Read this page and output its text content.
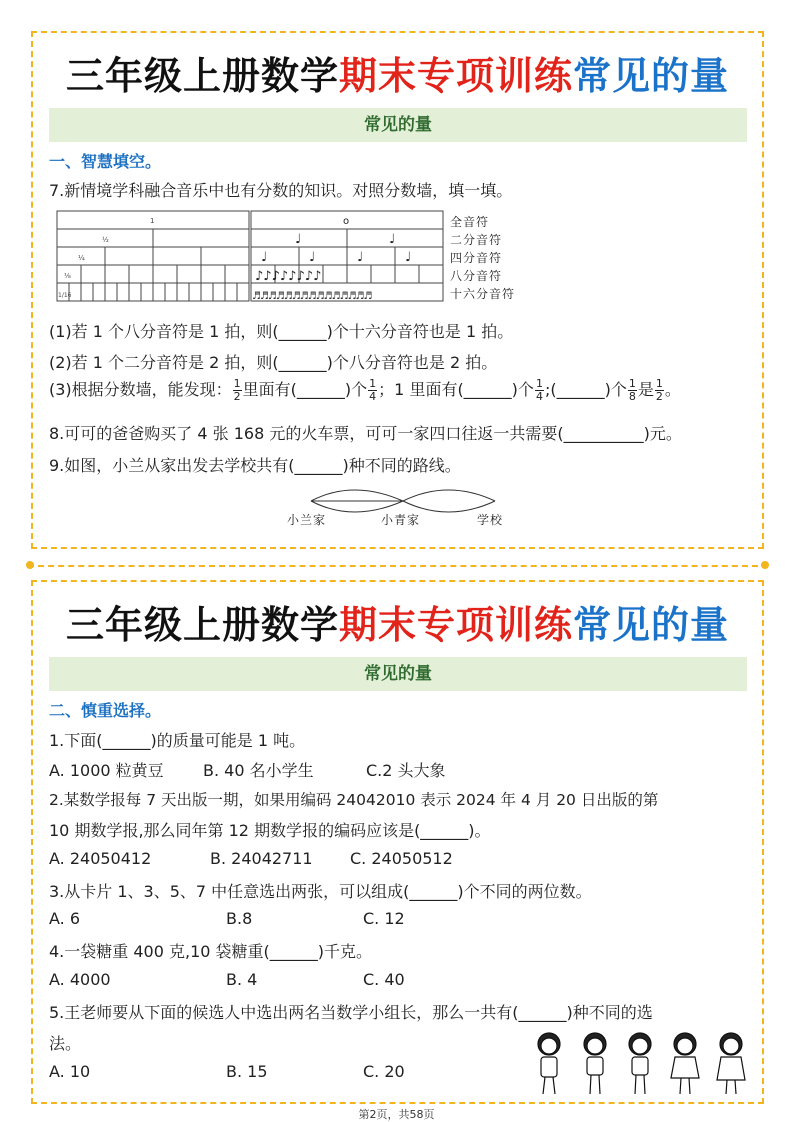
三年级上册数学期末专项训练常见的量
常见的量
一、智慧填空。
7.新情境学科融合音乐中也有分数的知识。对照分数墙，填一填。
1
½
¼
⅛
1/16
o
♩	♩
♩	♩	♩	♩
♪♪♪♪♪♪♪♪
♬♬♬♬♬♬♬♬♬♬♬♬♬♬♬
全音符
二分音符
四分音符
八分音符
十六分音符
(1)若 1 个八分音符是 1 拍，则(______)个十六分音符也是 1 拍。
(2)若 1 个二分音符是 2 拍，则(______)个八分音符也是 2 拍。
(3)根据分数墙，能发现： $\frac{1}{2}$ 里面有(______)个 $\frac{1}{4}$ ；1 里面有(______)个 $\frac{1}{4}$ ;(______)个 $\frac{1}{8}$ 是 $\frac{1}{2}$ 。
8.可可的爸爸购买了 4 张 168 元的火车票，可可一家四口往返一共需要(__________)元。
9.如图，小兰从家出发去学校共有(______)种不同的路线。
小兰家	小青家	学校
三年级上册数学期末专项训练常见的量
常见的量
二、慎重选择。
1.下面(______)的质量可能是 1 吨。
A. 1000 粒黄豆 B. 40 名小学生	C.2 头大象
2.某数学报每 7 天出版一期，如果用编码 24042010 表示 2024 年 4 月 20 日出版的第
10 期数学报,那么同年第 12 期数学报的编码应该是(______)。
A. 24050412	B. 24042711 C. 24050512
3.从卡片 1、3、5、7 中任意选出两张，可以组成(______)个不同的两位数。
A. 6	B.8	C. 12
4.一袋糖重 400 克,10 袋糖重(______)千克。
A. 4000	B. 4	C. 40
5.王老师要从下面的候选人中选出两名当数学小组长，那么一共有(______)种不同的选
法。
A. 10	B. 15	C. 20
第2页，共58页
